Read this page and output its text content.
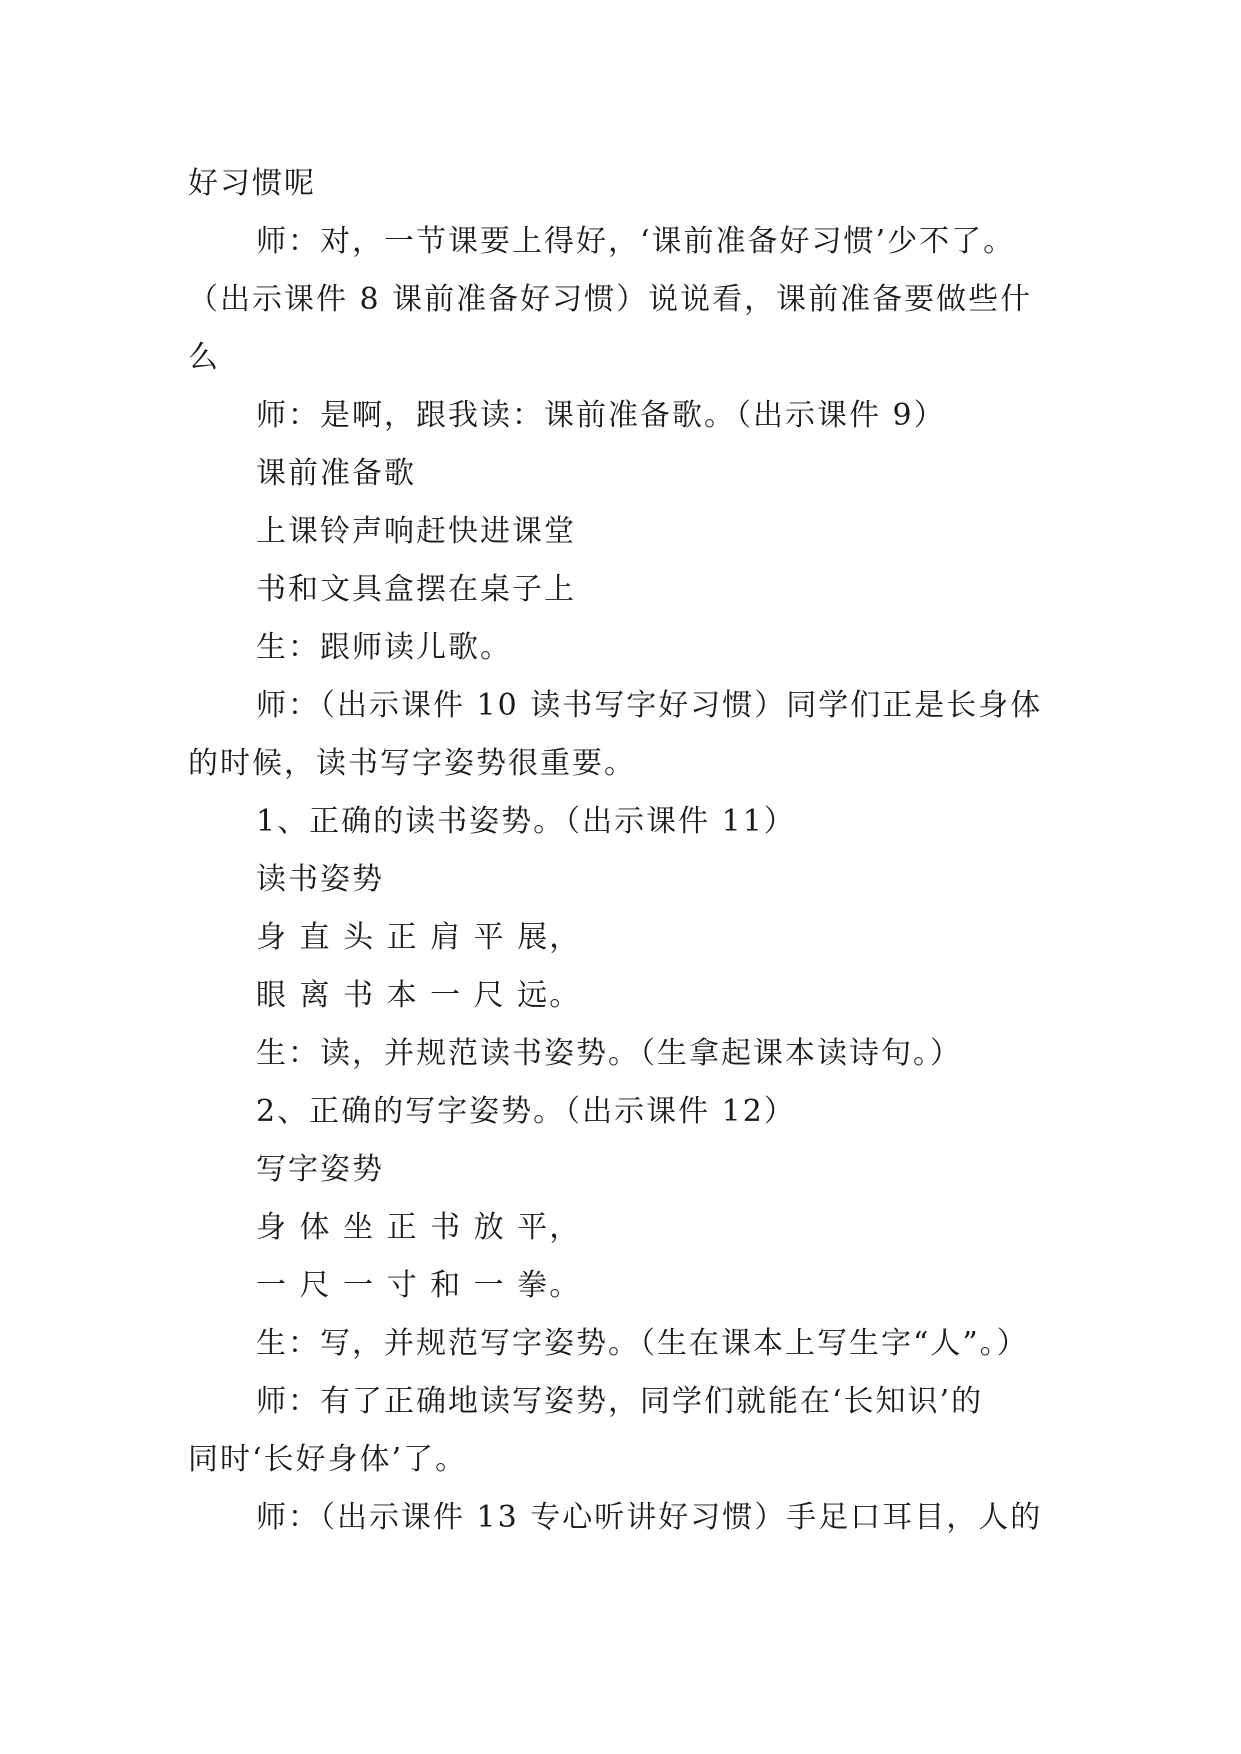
好习惯呢
师：对，一节课要上得好，‘课前准备好习惯’少不了。
（出示课件 8 课前准备好习惯）说说看，课前准备要做些什
么
师：是啊，跟我读：课前准备歌。（出示课件 9）
课前准备歌
上课铃声响赶快进课堂
书和文具盒摆在桌子上
生：跟师读儿歌。
师：（出示课件 10 读书写字好习惯）同学们正是长身体
的时候，读书写字姿势很重要。
1、正确的读书姿势。（出示课件 11）
读书姿势
身 直 头 正 肩 平 展，
眼 离 书 本 一 尺 远。
生：读，并规范读书姿势。（生拿起课本读诗句。）
2、正确的写字姿势。（出示课件 12）
写字姿势
身 体 坐 正 书 放 平，
一 尺 一 寸 和 一 拳。
生：写，并规范写字姿势。（生在课本上写生字“人”。）
师：有了正确地读写姿势，同学们就能在‘长知识’的
同时‘长好身体’了。
师：（出示课件 13 专心听讲好习惯）手足口耳目，人的
